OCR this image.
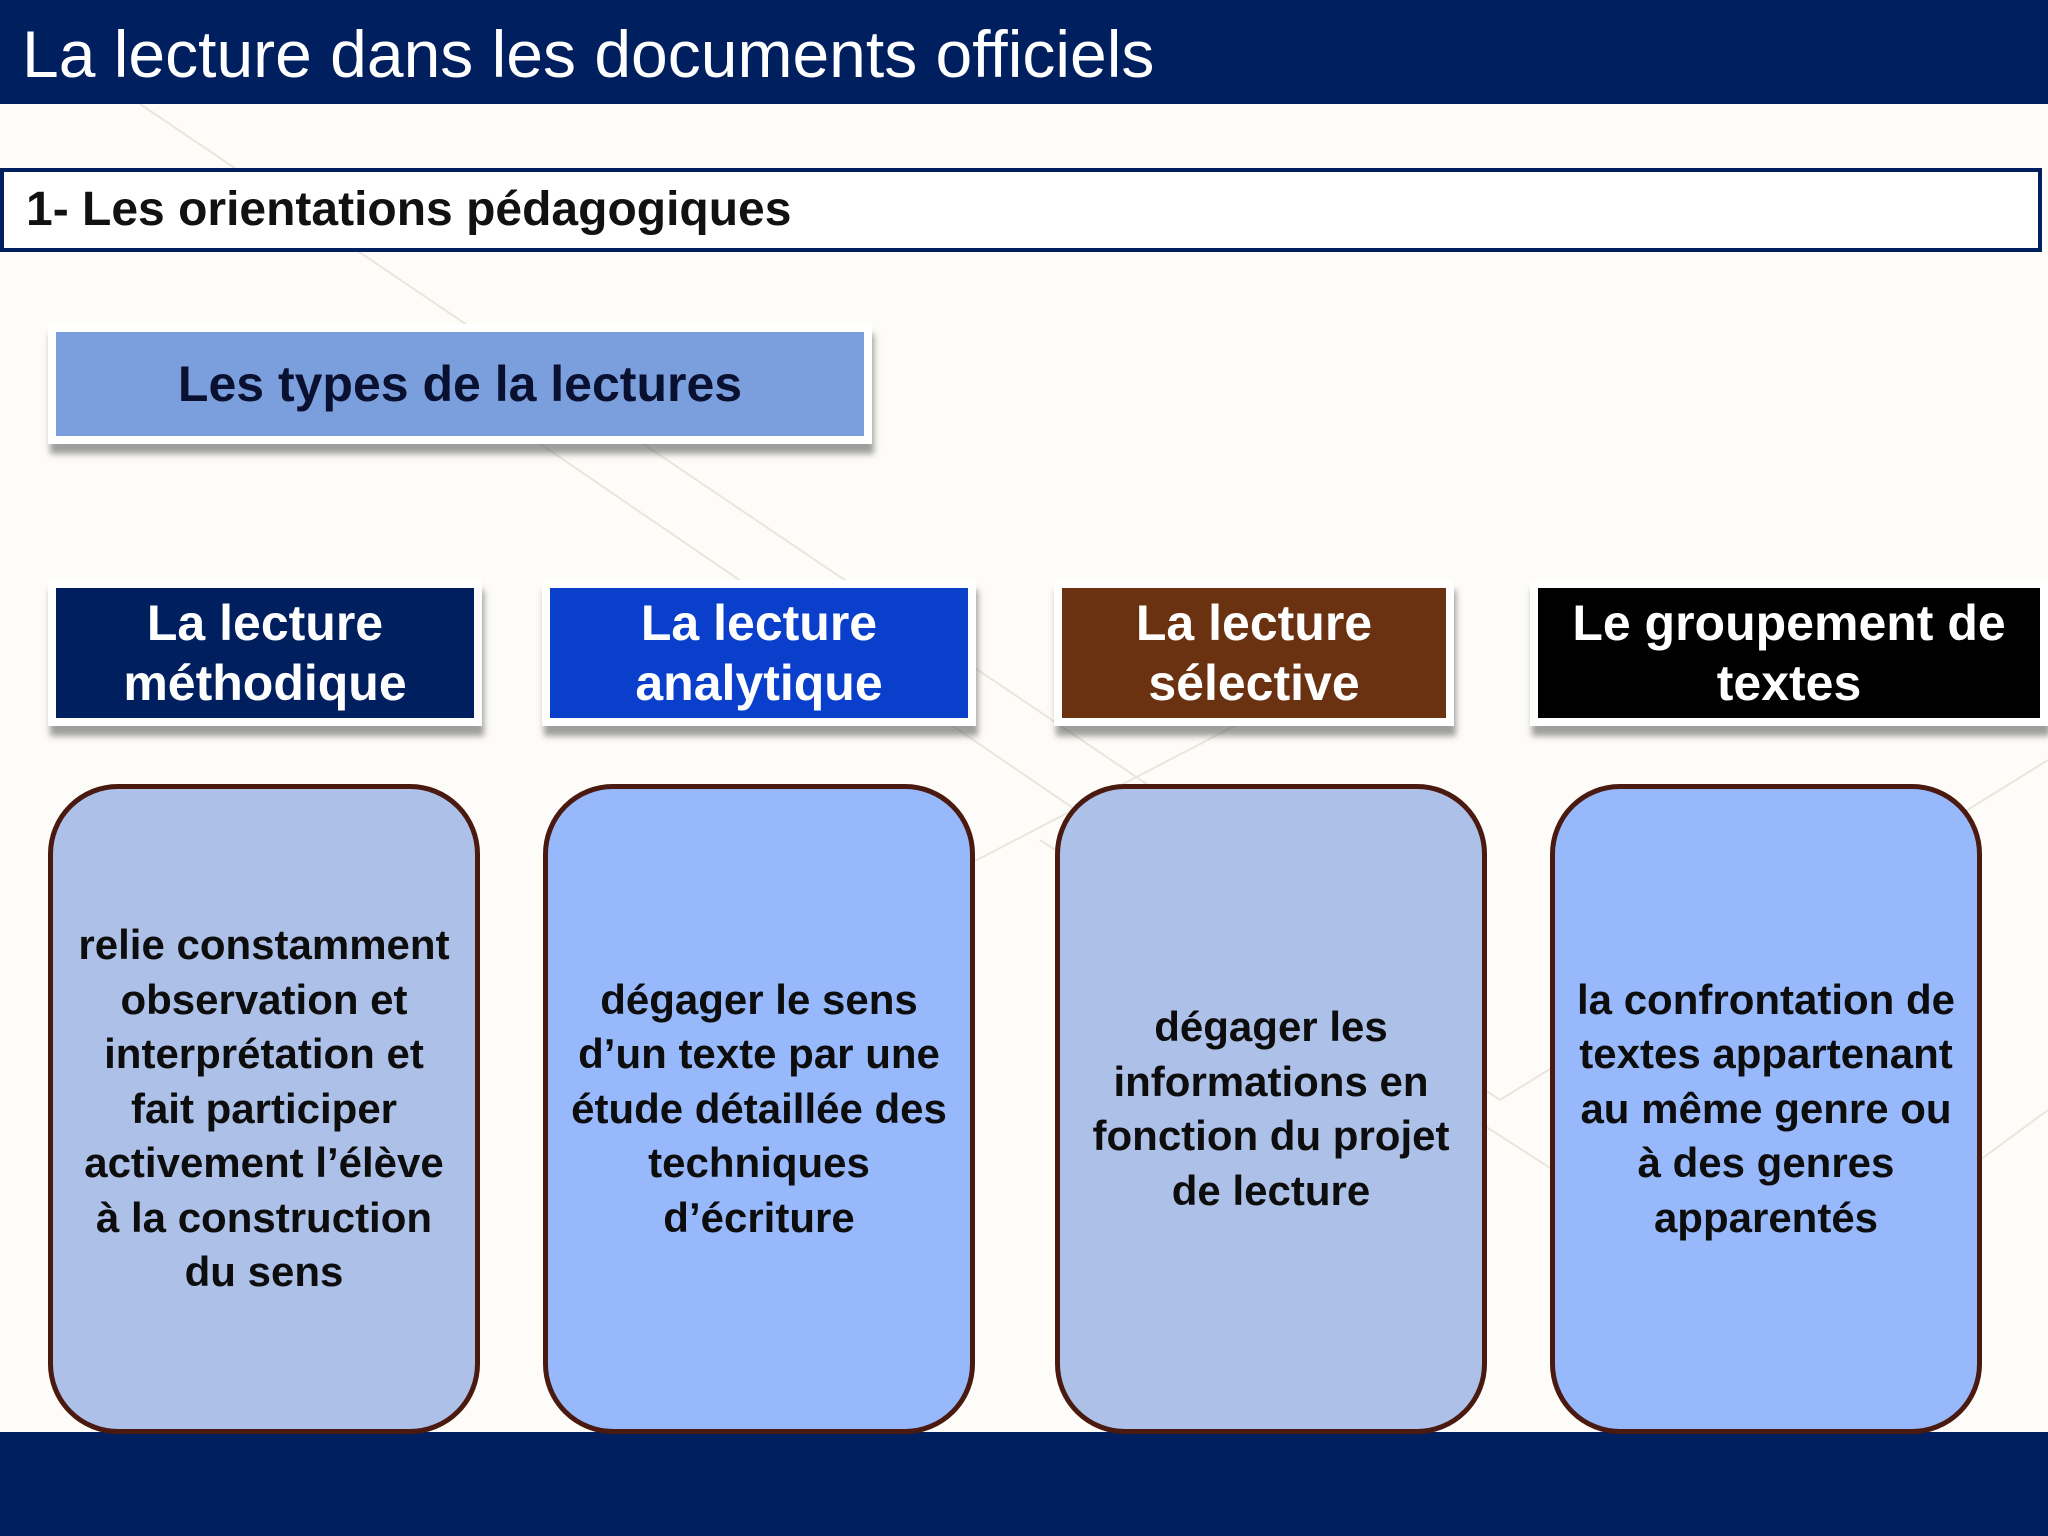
La lecture dans les documents officiels
1- Les orientations pédagogiques
Les types de la lectures
La lecture méthodique
relie constamment observation et interprétation et fait participer activement l’élève à la construction du sens
La lecture analytique
dégager le sens d’un texte par une étude détaillée des techniques d’écriture
La lecture sélective
dégager les informations en fonction du projet de lecture
Le groupement de textes
la confrontation de textes appartenant au même genre ou à des genres apparentés
